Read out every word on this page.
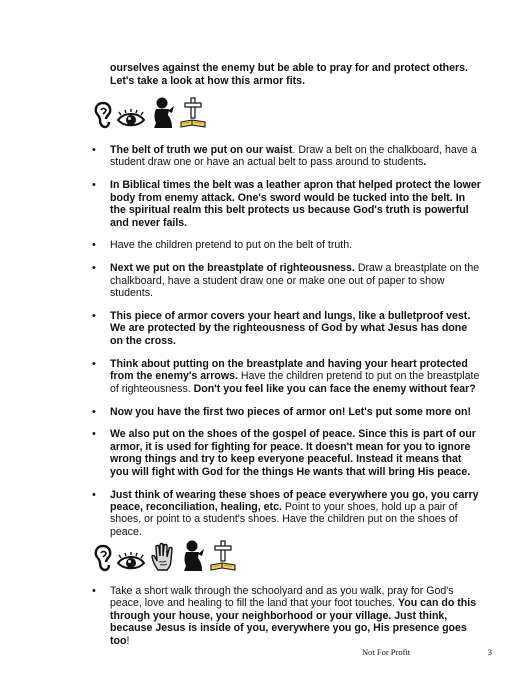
ourselves against the enemy but be able to pray for and protect others. Let's take a look at how this armor fits.
• The belt of truth we put on our waist. Draw a belt on the chalkboard, have a student draw one or have an actual belt to pass around to students.
• In Biblical times the belt was a leather apron that helped protect the lower body from enemy attack. One's sword would be tucked into the belt. In the spiritual realm this belt protects us because God's truth is powerful and never fails.
• Have the children pretend to put on the belt of truth.
• Next we put on the breastplate of righteousness. Draw a breastplate on the chalkboard, have a student draw one or make one out of paper to show students.
• This piece of armor covers your heart and lungs, like a bulletproof vest. We are protected by the righteousness of God by what Jesus has done on the cross.
• Think about putting on the breastplate and having your heart protected from the enemy's arrows. Have the children pretend to put on the breastplate of righteousness. Don't you feel like you can face the enemy without fear?
• Now you have the first two pieces of armor on! Let's put some more on!
• We also put on the shoes of the gospel of peace. Since this is part of our armor, it is used for fighting for peace. It doesn't mean for you to ignore wrong things and try to keep everyone peaceful. Instead it means that you will fight with God for the things He wants that will bring His peace.
• Just think of wearing these shoes of peace everywhere you go, you carry peace, reconciliation, healing, etc. Point to your shoes, hold up a pair of shoes, or point to a student's shoes. Have the children put on the shoes of peace.
• Take a short walk through the schoolyard and as you walk, pray for God's peace, love and healing to fill the land that your foot touches. You can do this through your house, your neighborhood or your village. Just think, because Jesus is inside of you, everywhere you go, His presence goes too!
Not For Profit	3
